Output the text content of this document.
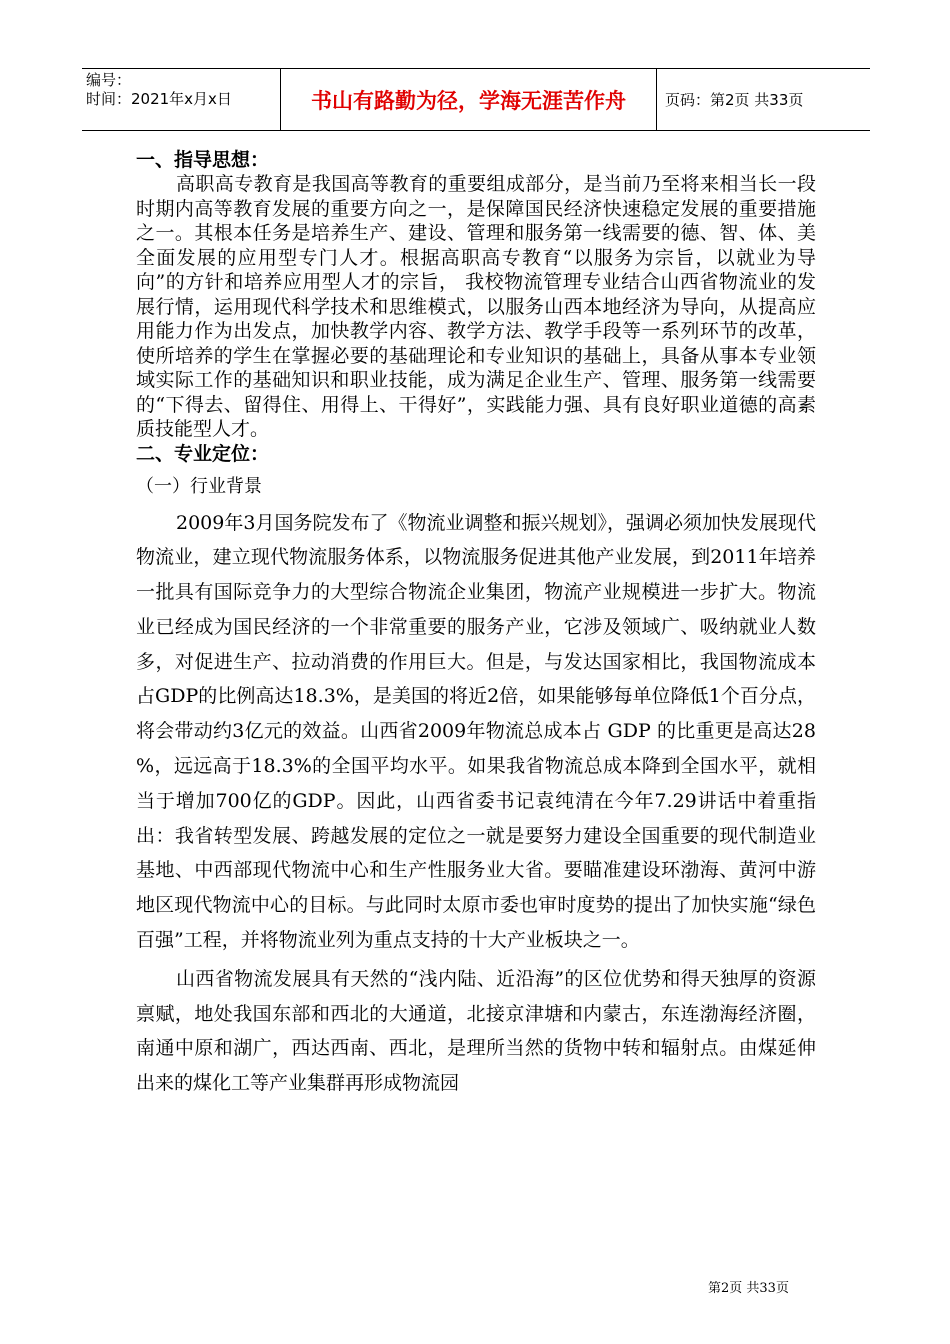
编号：
时间：2021年x月x日	书山有路勤为径，学海无涯苦作舟	页码：第2页 共33页
一、指导思想：

高职高专教育是我国高等教育的重要组成部分，是当前乃至将来相当长一段时期内高等教育发展的重要方向之一，是保障国民经济快速稳定发展的重要措施之一。其根本任务是培养生产、建设、管理和服务第一线需要的德、智、体、美全面发展的应用型专门人才。根据高职高专教育“以服务为宗旨，以就业为导向”的方针和培养应用型人才的宗旨， 我校物流管理专业结合山西省物流业的发展行情，运用现代科学技术和思维模式，以服务山西本地经济为导向，从提高应用能力作为出发点，加快教学内容、教学方法、教学手段等一系列环节的改革，使所培养的学生在掌握必要的基础理论和专业知识的基础上，具备从事本专业领域实际工作的基础知识和职业技能，成为满足企业生产、管理、服务第一线需要的“下得去、留得住、用得上、干得好”，实践能力强、具有良好职业道德的高素质技能型人才。

二、专业定位：
（一）行业背景

2009年3月国务院发布了《物流业调整和振兴规划》，强调必须加快发展现代物流业，建立现代物流服务体系，以物流服务促进其他产业发展，到2011年培养一批具有国际竞争力的大型综合物流企业集团，物流产业规模进一步扩大。物流业已经成为国民经济的一个非常重要的服务产业，它涉及领域广、吸纳就业人数多，对促进生产、拉动消费的作用巨大。但是，与发达国家相比，我国物流成本占GDP的比例高达18.3%，是美国的将近2倍，如果能够每单位降低1个百分点，将会带动约3亿元的效益。山西省2009年物流总成本占 GDP 的比重更是高达28 %，远远高于18.3%的全国平均水平。如果我省物流总成本降到全国水平，就相当于增加700亿的GDP。因此，山西省委书记袁纯清在今年7.29讲话中着重指出：我省转型发展、跨越发展的定位之一就是要努力建设全国重要的现代制造业基地、中西部现代物流中心和生产性服务业大省。要瞄准建设环渤海、黄河中游地区现代物流中心的目标。与此同时太原市委也审时度势的提出了加快实施“绿色百强”工程，并将物流业列为重点支持的十大产业板块之一。

山西省物流发展具有天然的“浅内陆、近沿海”的区位优势和得天独厚的资源禀赋，地处我国东部和西北的大通道，北接京津塘和内蒙古，东连渤海经济圈，南通中原和湖广，西达西南、西北，是理所当然的货物中转和辐射点。由煤延伸出来的煤化工等产业集群再形成物流园

第2页 共33页
